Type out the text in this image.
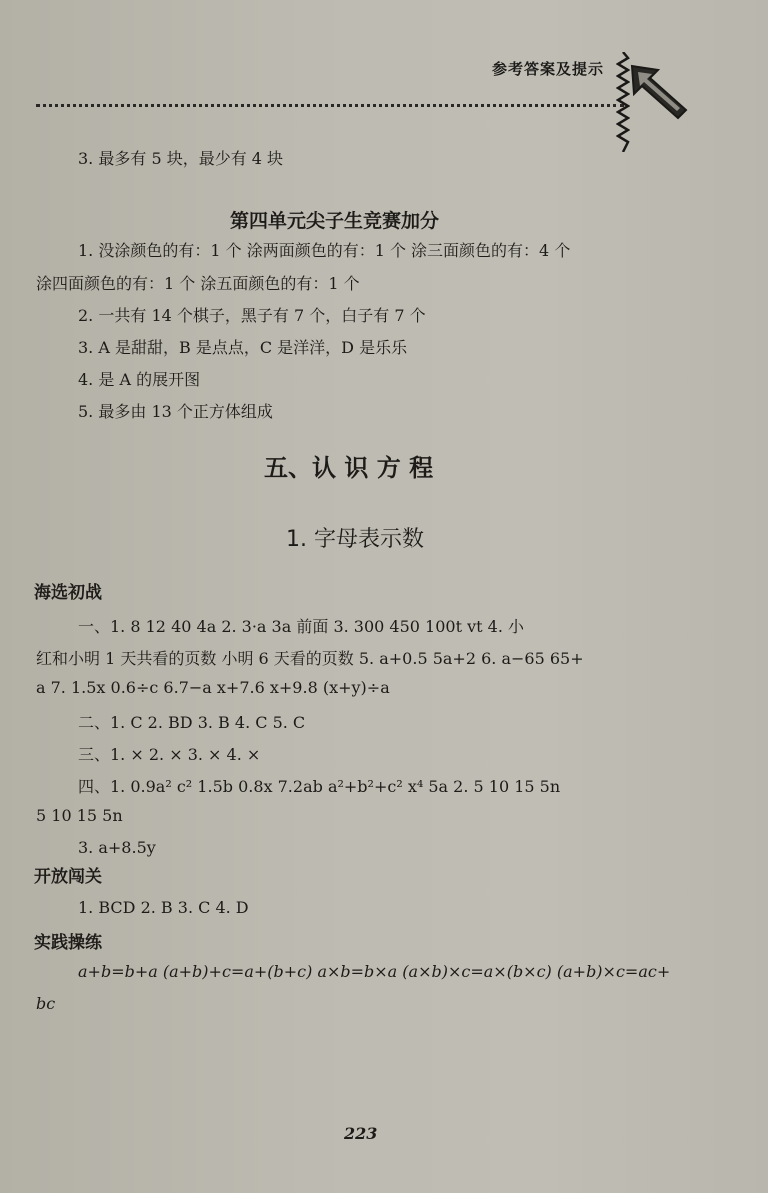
参考答案及提示
3. 最多有 5 块，最少有 4 块
第四单元尖子生竞赛加分
1. 没涂颜色的有：1 个 涂两面颜色的有：1 个 涂三面颜色的有：4 个
涂四面颜色的有：1 个 涂五面颜色的有：1 个
2. 一共有 14 个棋子，黑子有 7 个，白子有 7 个
3. A 是甜甜，B 是点点，C 是洋洋，D 是乐乐
4. 是 A 的展开图
5. 最多由 13 个正方体组成
五、认 识 方 程
1. 字母表示数
海选初战
一、1. 8 12 40 4a 2. 3·a 3a 前面 3. 300 450 100t vt 4. 小
红和小明 1 天共看的页数 小明 6 天看的页数 5. a+0.5 5a+2 6. a−65 65+
a 7. 1.5x 0.6÷c 6.7−a x+7.6 x+9.8 (x+y)÷a
二、1. C 2. BD 3. B 4. C 5. C
三、1. × 2. × 3. × 4. ×
四、1. 0.9a² c² 1.5b 0.8x 7.2ab a²+b²+c² x⁴ 5a 2. 5 10 15 5n
5 10 15 5n
3. a+8.5y
开放闯关
1. BCD 2. B 3. C 4. D
实践操练
a+b=b+a (a+b)+c=a+(b+c) a×b=b×a (a×b)×c=a×(b×c) (a+b)×c=ac+
bc
223
